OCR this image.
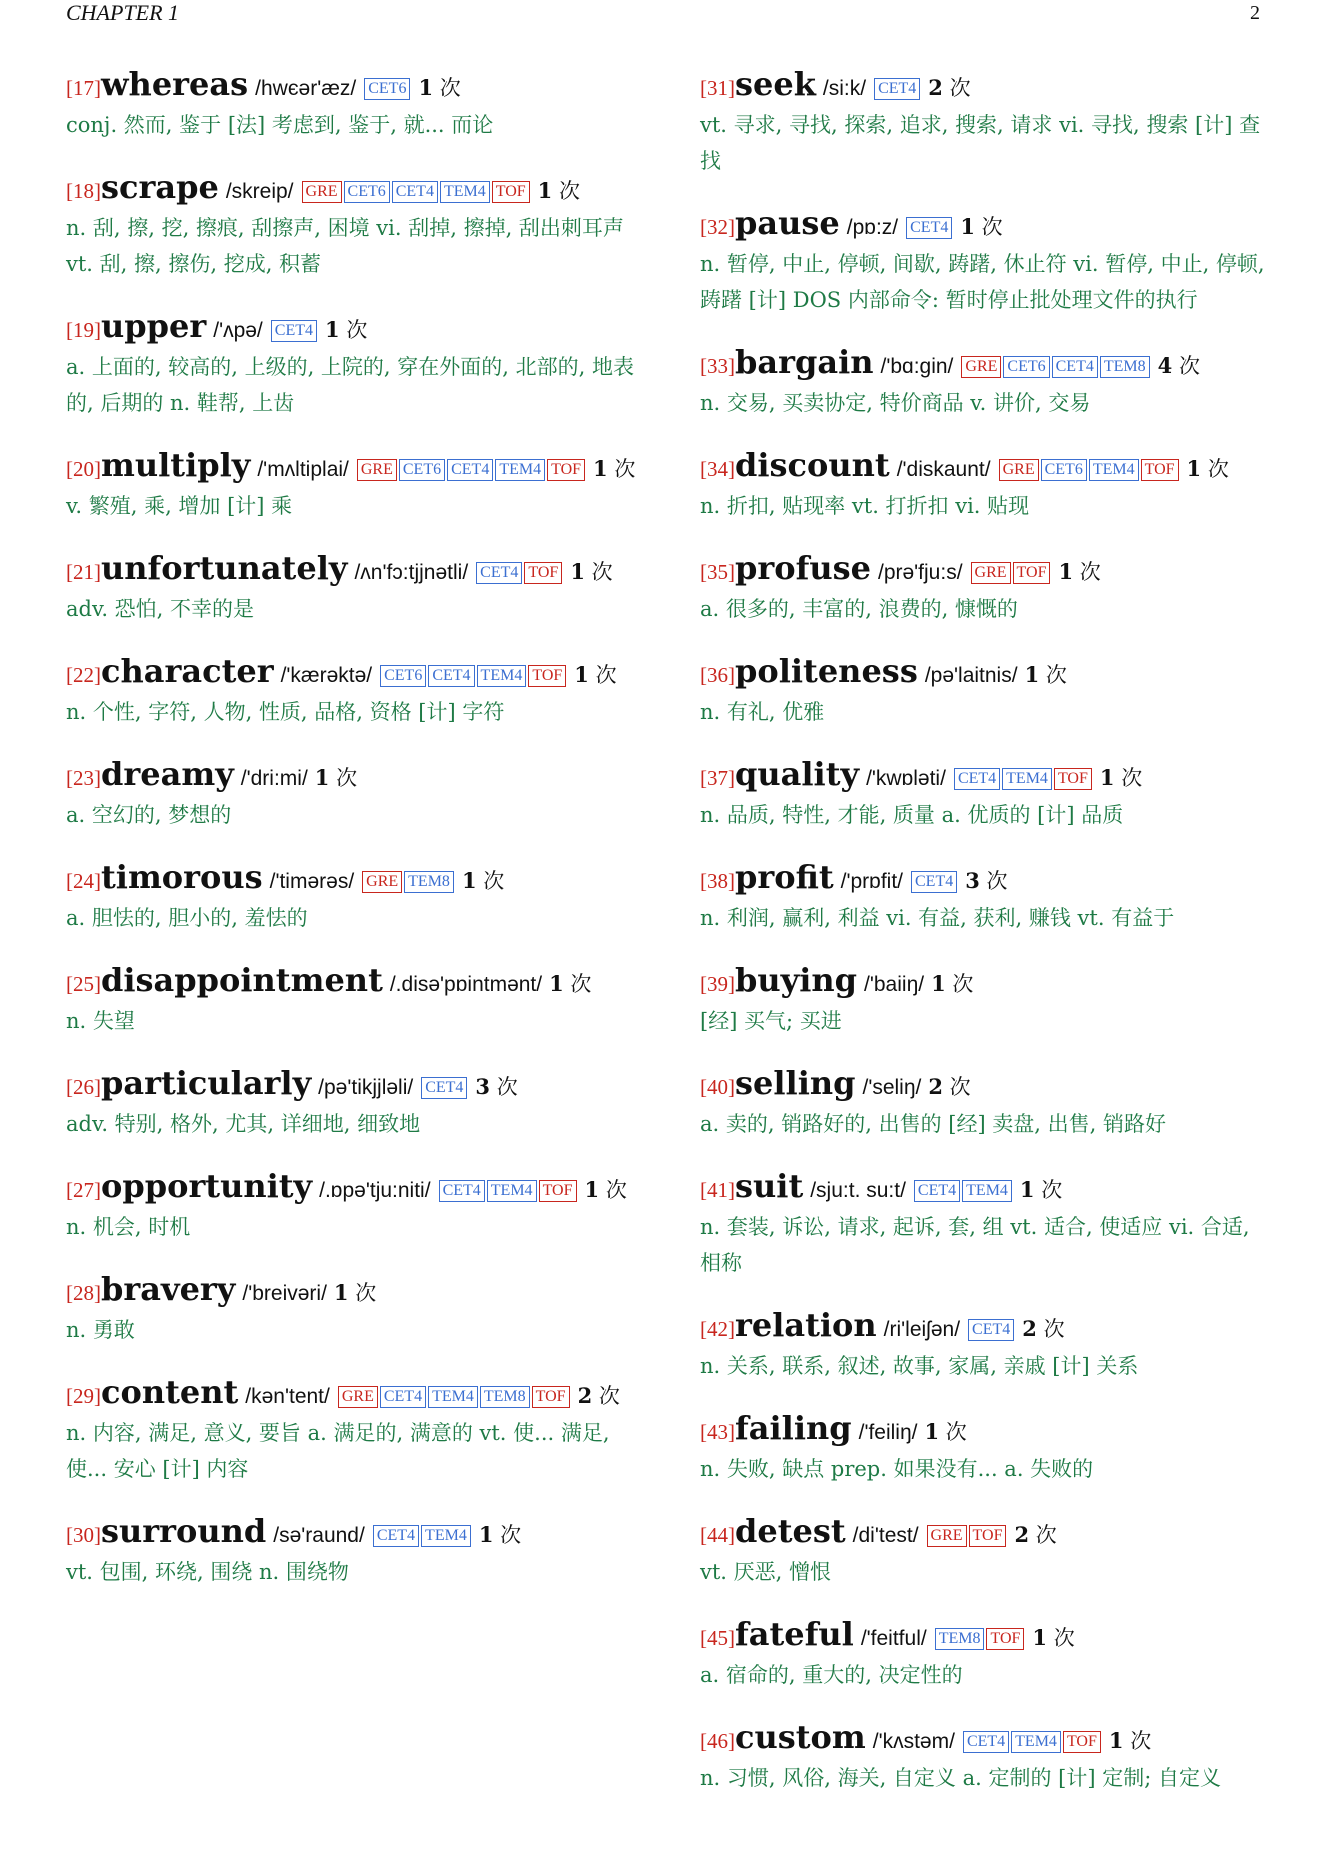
CHAPTER 1	2
[17]whereas /hwєər'æz/ CET6 1 次
conj. 然而, 鉴于 [法] 考虑到, 鉴于, 就... 而论
[18]scrape /skreip/ GRE CET6 CET4 TEM4 TOF 1 次
n. 刮, 擦, 挖, 擦痕, 刮擦声, 困境 vi. 刮掉, 擦掉, 刮出刺耳声 vt. 刮, 擦, 擦伤, 挖成, 积蓄
[19]upper /'ʌpə/ CET4 1 次
a. 上面的, 较高的, 上级的, 上院的, 穿在外面的, 北部的, 地表的, 后期的 n. 鞋帮, 上齿
[20]multiply /'mʌltiplai/ GRE CET6 CET4 TEM4 TOF 1 次
v. 繁殖, 乘, 增加 [计] 乘
[21]unfortunately /ʌn'fɔ:tjjnətli/ CET4 TOF 1 次
adv. 恐怕, 不幸的是
[22]character /'kærəktə/ CET6 CET4 TEM4 TOF 1 次
n. 个性, 字符, 人物, 性质, 品格, 资格 [计] 字符
[23]dreamy /'dri:mi/ 1 次
a. 空幻的, 梦想的
[24]timorous /'timərəs/ GRE TEM8 1 次
a. 胆怯的, 胆小的, 羞怯的
[25]disappointment /.disə'pɒintmənt/ 1 次
n. 失望
[26]particularly /pə'tikjjləli/ CET4 3 次
adv. 特别, 格外, 尤其, 详细地, 细致地
[27]opportunity /.ɒpə'tju:niti/ CET4 TEM4 TOF 1 次
n. 机会, 时机
[28]bravery /'breivəri/ 1 次
n. 勇敢
[29]content /kən'tent/ GRE CET4 TEM4 TEM8 TOF 2 次
n. 内容, 满足, 意义, 要旨 a. 满足的, 满意的 vt. 使... 满足, 使... 安心 [计] 内容
[30]surround /sə'raund/ CET4 TEM4 1 次
vt. 包围, 环绕, 围绕 n. 围绕物
[31]seek /si:k/ CET4 2 次
vt. 寻求, 寻找, 探索, 追求, 搜索, 请求 vi. 寻找, 搜索 [计] 查找
[32]pause /pɒ:z/ CET4 1 次
n. 暂停, 中止, 停顿, 间歇, 踌躇, 休止符 vi. 暂停, 中止, 停顿, 踌躇 [计] DOS 内部命令: 暂时停止批处理文件的执行
[33]bargain /'bɑ:gin/ GRE CET6 CET4 TEM8 4 次
n. 交易, 买卖协定, 特价商品 v. 讲价, 交易
[34]discount /'diskaunt/ GRE CET6 TEM4 TOF 1 次
n. 折扣, 贴现率 vt. 打折扣 vi. 贴现
[35]profuse /prə'fju:s/ GRE TOF 1 次
a. 很多的, 丰富的, 浪费的, 慷慨的
[36]politeness /pə'laitnis/ 1 次
n. 有礼, 优雅
[37]quality /'kwɒləti/ CET4 TEM4 TOF 1 次
n. 品质, 特性, 才能, 质量 a. 优质的 [计] 品质
[38]profit /'prɒfit/ CET4 3 次
n. 利润, 赢利, 利益 vi. 有益, 获利, 赚钱 vt. 有益于
[39]buying /'baiiŋ/ 1 次
[经] 买气; 买进
[40]selling /'seliŋ/ 2 次
a. 卖的, 销路好的, 出售的 [经] 卖盘, 出售, 销路好
[41]suit /sju:t. su:t/ CET4 TEM4 1 次
n. 套装, 诉讼, 请求, 起诉, 套, 组 vt. 适合, 使适应 vi. 合适, 相称
[42]relation /ri'leiʃən/ CET4 2 次
n. 关系, 联系, 叙述, 故事, 家属, 亲戚 [计] 关系
[43]failing /'feiliŋ/ 1 次
n. 失败, 缺点 prep. 如果没有... a. 失败的
[44]detest /di'test/ GRE TOF 2 次
vt. 厌恶, 憎恨
[45]fateful /'feitful/ TEM8 TOF 1 次
a. 宿命的, 重大的, 决定性的
[46]custom /'kʌstəm/ CET4 TEM4 TOF 1 次
n. 习惯, 风俗, 海关, 自定义 a. 定制的 [计] 定制; 自定义
